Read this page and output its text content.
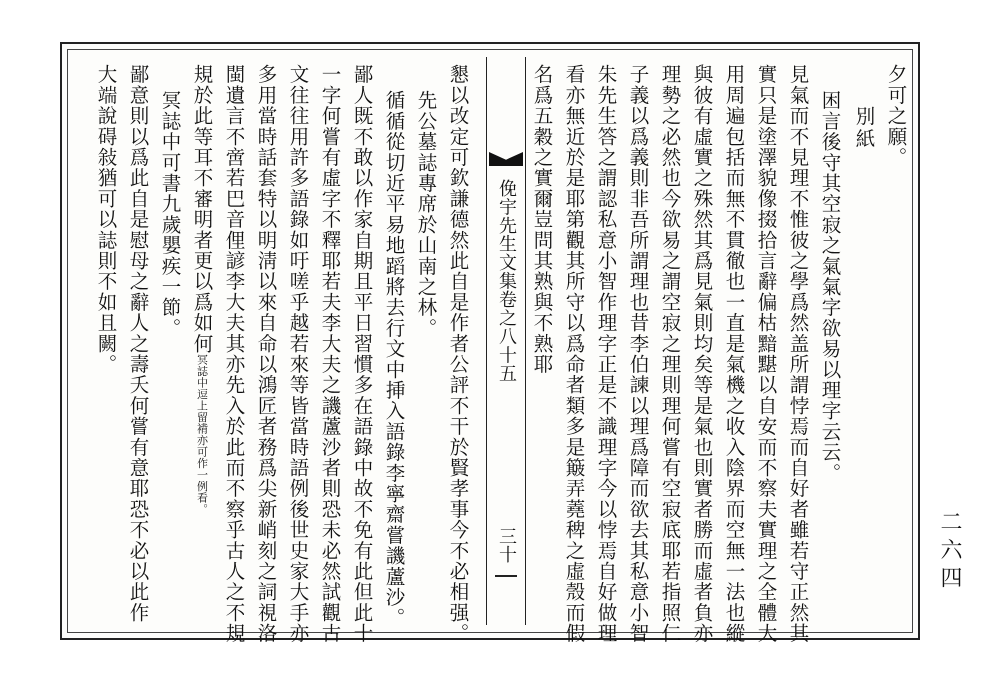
夕可之願。
別紙
困言後守其空寂之氣氣字欲易以理字云云。
見氣而不見理不惟彼之學爲然盖所謂悖焉而自好者雖若守正然其
實只是塗澤貌像掇拾言辭偏枯黯黮以自安而不察夫實理之全體大
用周遍包括而無不貫徹也一直是氣機之收入陰界而空無一法也縱
與彼有虛實之殊然其爲見氣則均矣等是氣也則實者勝而虛者負亦
理勢之必然也今欲易之謂空寂之理則理何嘗有空寂底耶若指照仁
子義以爲義則非吾所謂理也昔李伯諫以理爲障而欲去其私意小智
朱先生答之謂認私意小智作理字正是不識理字今以悖焉自好做理
看亦無近於是耶第觀其所守以爲命者類多是簸弄蕘稗之虛殼而假
名爲五穀之實爾豈問其熟與不熟耶
俛宇先生文集卷之八十五
三十
懇以改定可欽謙德然此自是作者公評不干於賢孝事今不必相强。
先公墓誌專席於山南之林。
循循從切近平易地蹈將去行文中挿入語錄李寧齋嘗譏蘆沙。
鄙人既不敢以作家自期且平日習慣多在語錄中故不免有此但此十
一字何嘗有虛字不釋耶若夫李大夫之譏蘆沙者則恐未必然試觀古
文往往用許多語錄如吁嗟乎越若來等皆當時語例後世史家大手亦
多用當時話套特以明淸以來自命以鴻匠者務爲尖新峭刻之詞視洛
閩遺言不啻若巴音俚諺李大夫其亦先入於此而不察乎古人之不規
規於此等耳不審明者更以爲如何冥誌中逗上留褙亦可作一例看。
冥誌中可書九歲嬰疾一節。
鄙意則以爲此自是慰母之辭人之壽夭何嘗有意耶恐不必以此作
大端說碍敍猶可以誌則不如且闕。
二六四
